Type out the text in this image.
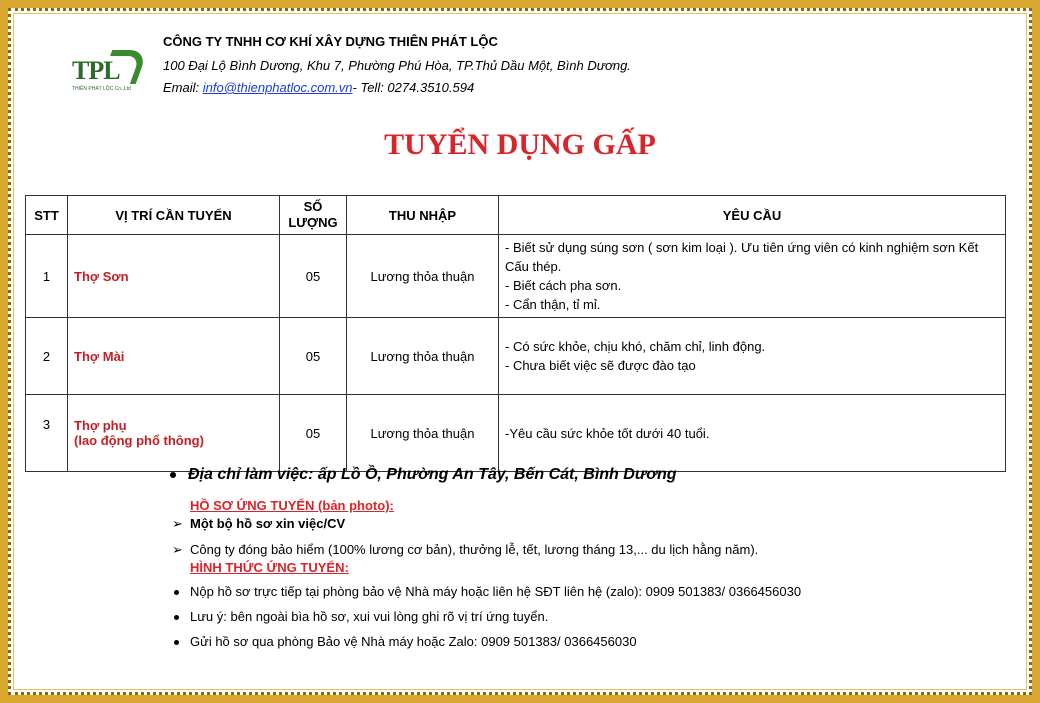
TPL
THIÊN PHÁT LỘC Co.,Ltd
CÔNG TY TNHH CƠ KHÍ XÂY DỰNG THIÊN PHÁT LỘC
100 Đại Lộ Bình Dương, Khu 7, Phường Phú Hòa, TP.Thủ Dầu Một, Bình Dương.
Email: info@thienphatloc.com.vn- Tell: 0274.3510.594
TUYỂN DỤNG GẤP
STT	VỊ TRÍ CẦN TUYỂN	SỐ LƯỢNG	THU NHẬP	YÊU CẦU
1	Thợ Sơn	05	Lương thỏa thuận	- Biết sử dụng súng sơn ( sơn kim loại ). Ưu tiên ứng viên có kinh nghiệm sơn Kết Cấu thép.
- Biết cách pha sơn.
- Cẩn thận, tỉ mỉ.

2	Thợ Mài	05	Lương thỏa thuận	- Có sức khỏe, chịu khó, chăm chỉ, linh động.
- Chưa biết việc sẽ được đào tạo

3	Thợ phụ
(lao động phổ thông)	05	Lương thỏa thuận	-Yêu cầu sức khỏe tốt dưới 40 tuổi.
Địa chỉ làm việc: ấp Lồ Ồ, Phường An Tây, Bến Cát, Bình Dương
HỒ SƠ ỨNG TUYỂN (bản photo):
➢ Một bộ hồ sơ xin việc/CV
➢ Công ty đóng bảo hiểm (100% lương cơ bản), thưởng lễ, tết, lương tháng 13,... du lịch hằng năm).
HÌNH THỨC ỨNG TUYỂN:
Nộp hồ sơ trực tiếp tại phòng bảo vệ Nhà máy hoặc liên hệ SĐT liên hệ (zalo): 0909 501383/ 0366456030
Lưu ý: bên ngoài bìa hồ sơ, xui vui lòng ghi rõ vị trí ứng tuyển.
Gửi hồ sơ qua phòng Bảo vệ Nhà máy hoặc Zalo: 0909 501383/ 0366456030
